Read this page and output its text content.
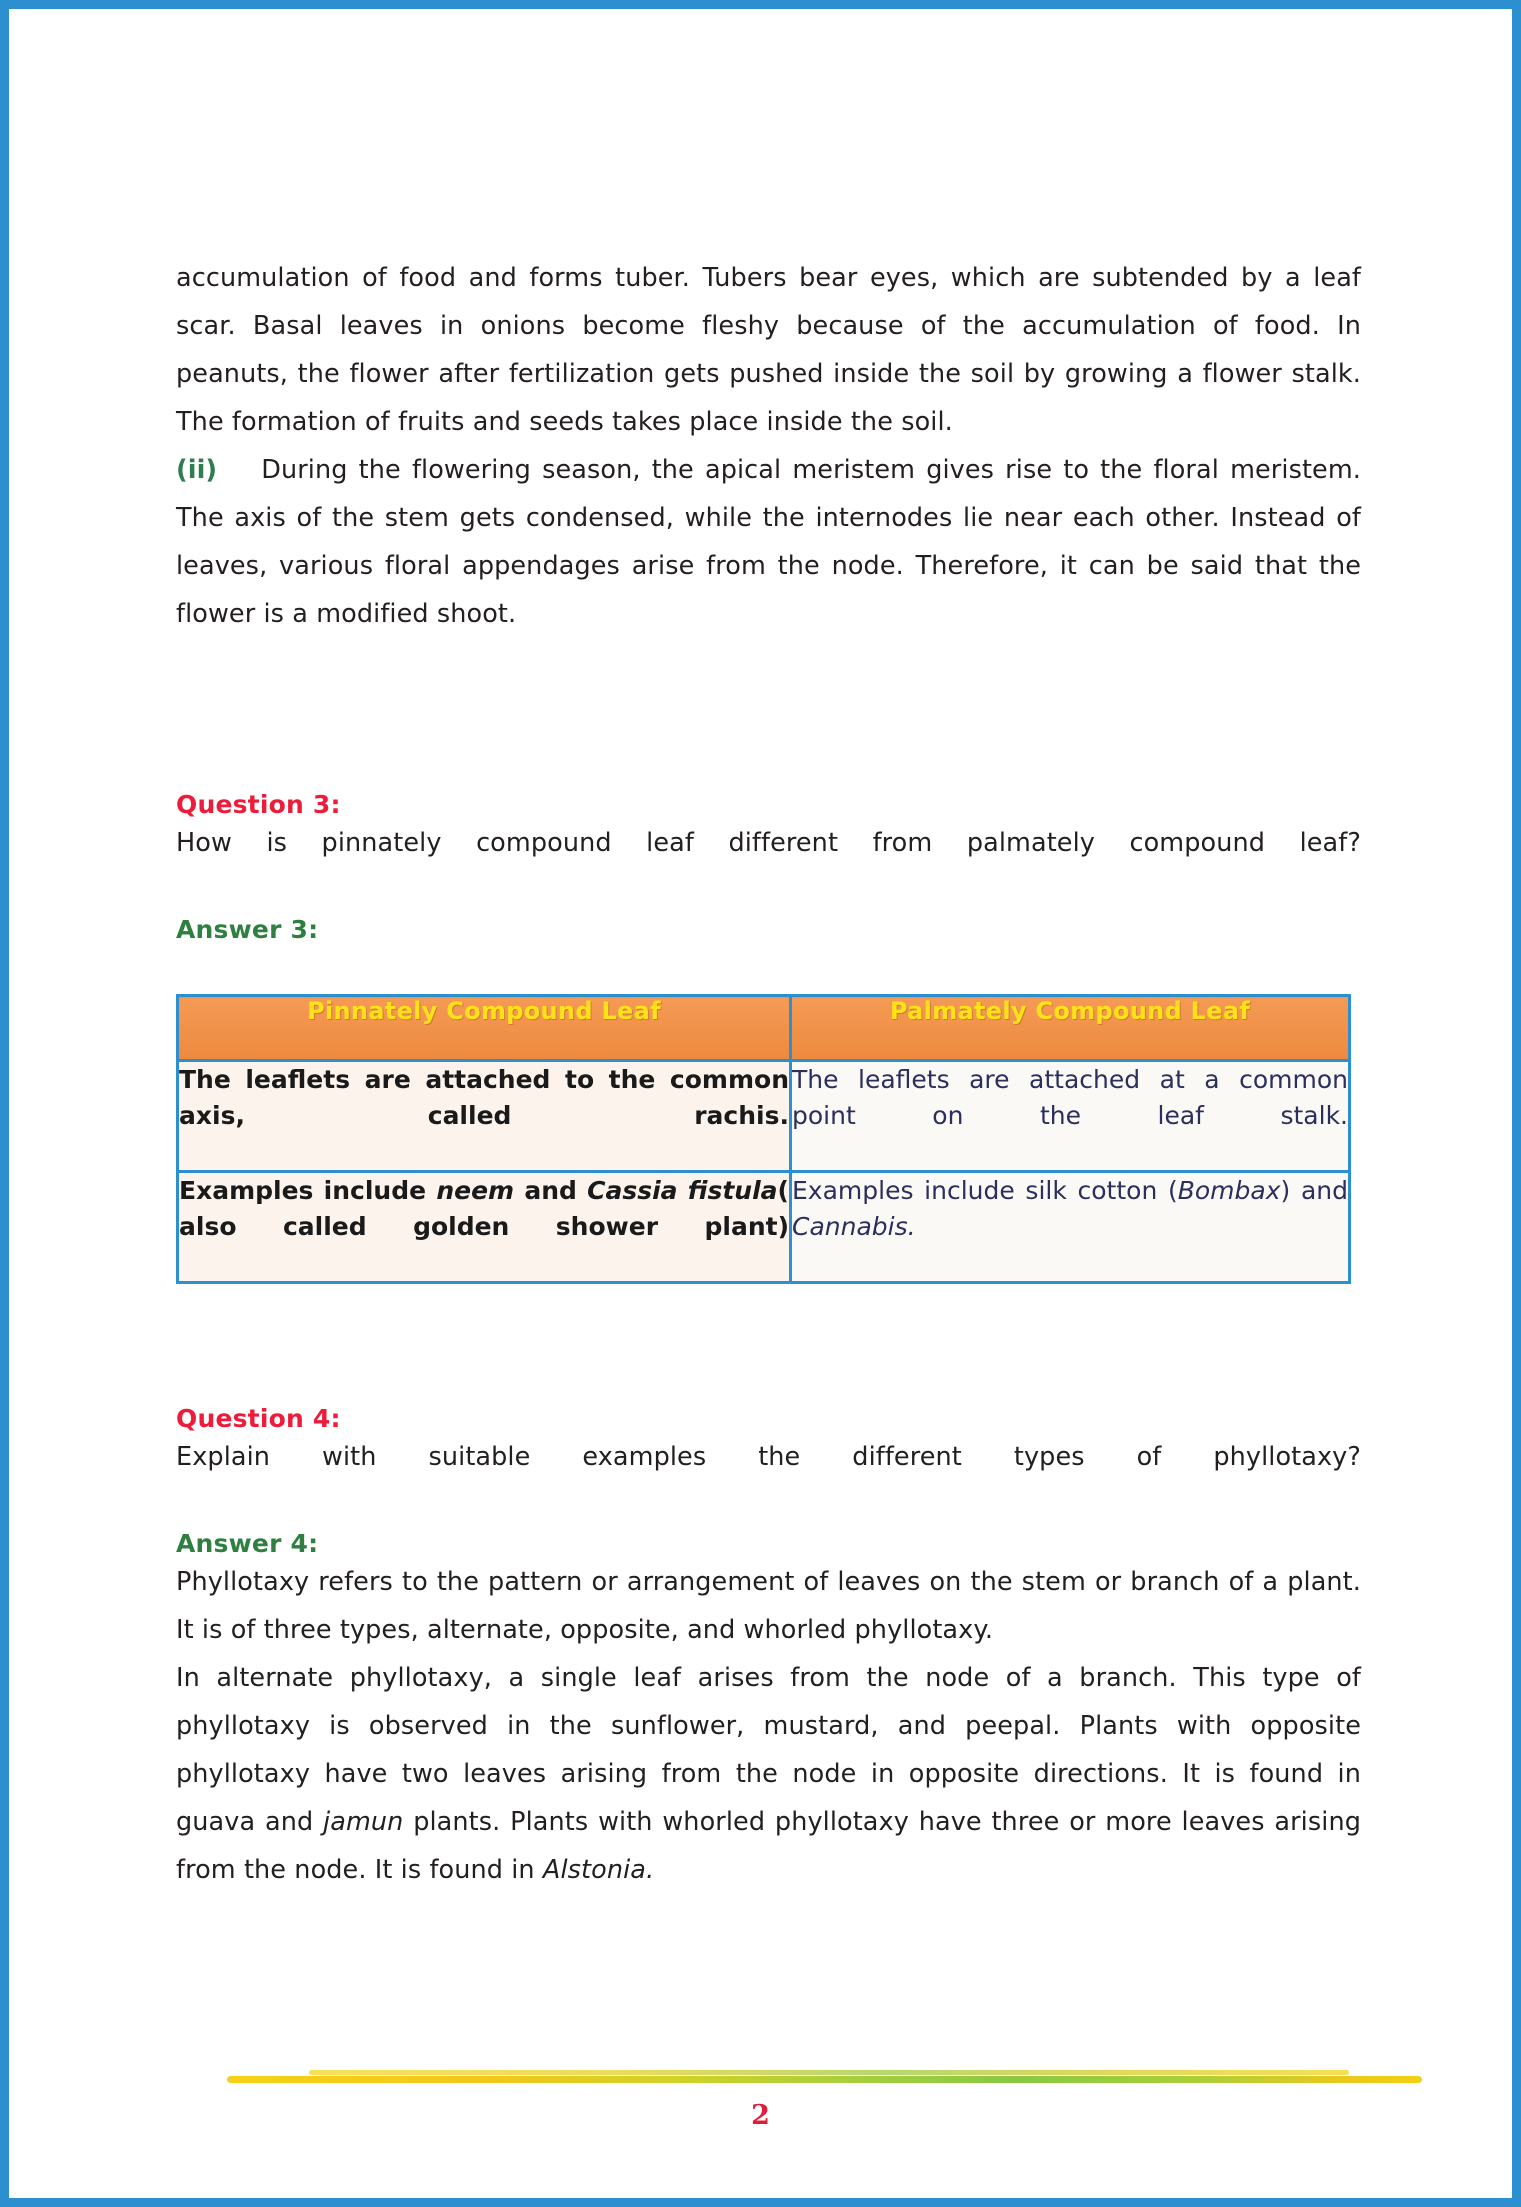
accumulation of food and forms tuber. Tubers bear eyes, which are subtended by a leaf scar. Basal leaves in onions become fleshy because of the accumulation of food. In peanuts, the flower after fertilization gets pushed inside the soil by growing a flower stalk. The formation of fruits and seeds takes place inside the soil.

(ii) During the flowering season, the apical meristem gives rise to the floral meristem. The axis of the stem gets condensed, while the internodes lie near each other. Instead of leaves, various floral appendages arise from the node. Therefore, it can be said that the flower is a modified shoot.

Question 3:

How is pinnately compound leaf different from palmately compound leaf?

Answer 3:

Pinnately Compound Leaf	Palmately Compound Leaf

The leaflets are attached to the common axis, called rachis.	The leaflets are attached at a common point on the leaf stalk.

Examples include neem and Cassia fistula( also called golden shower plant)	Examples include silk cotton (Bombax) and Cannabis.

Question 4:

Explain with suitable examples the different types of phyllotaxy?

Answer 4:

Phyllotaxy refers to the pattern or arrangement of leaves on the stem or branch of a plant. It is of three types, alternate, opposite, and whorled phyllotaxy.

In alternate phyllotaxy, a single leaf arises from the node of a branch. This type of phyllotaxy is observed in the sunflower, mustard, and peepal. Plants with opposite phyllotaxy have two leaves arising from the node in opposite directions. It is found in guava and jamun plants. Plants with whorled phyllotaxy have three or more leaves arising from the node. It is found in Alstonia.

2
